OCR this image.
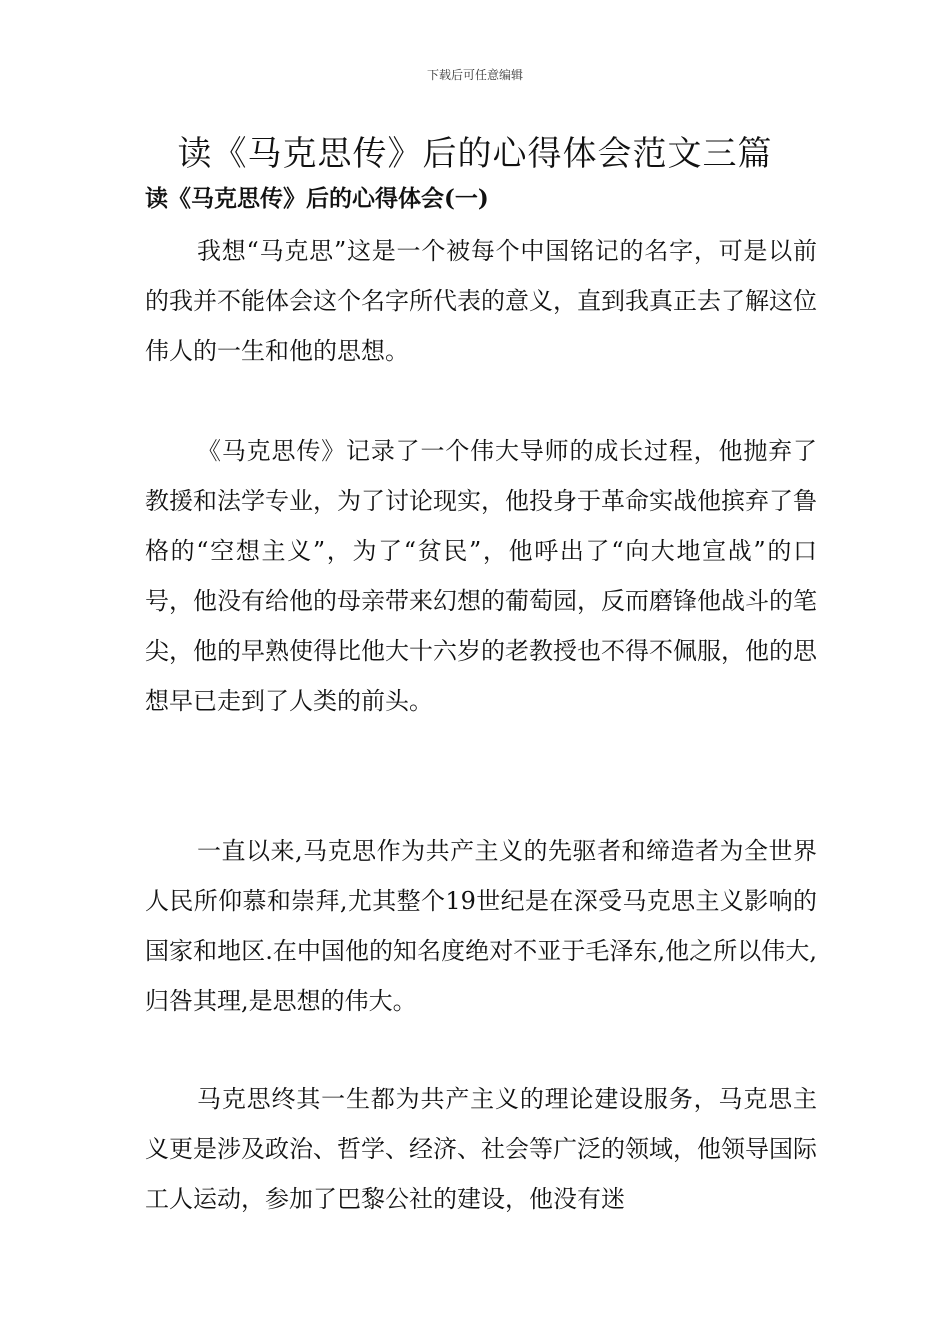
下载后可任意编辑
读《马克思传》后的心得体会范文三篇
读《马克思传》后的心得体会(一)

我想“马克思”这是一个被每个中国铭记的名字，可是以前的我并不能体会这个名字所代表的意义，直到我真正去了解这位伟人的一生和他的思想。

《马克思传》记录了一个伟大导师的成长过程，他抛弃了教援和法学专业，为了讨论现实，他投身于革命实战他摈弃了鲁格的“空想主义”，为了“贫民”，他呼出了“向大地宣战”的口号，他没有给他的母亲带来幻想的葡萄园，反而磨锋他战斗的笔尖，他的早熟使得比他大十六岁的老教授也不得不佩服，他的思想早已走到了人类的前头。

一直以来,马克思作为共产主义的先驱者和缔造者为全世界人民所仰慕和崇拜,尤其整个19世纪是在深受马克思主义影响的国家和地区.在中国他的知名度绝对不亚于毛泽东,他之所以伟大,归咎其理,是思想的伟大。

马克思终其一生都为共产主义的理论建设服务，马克思主义更是涉及政治、哲学、经济、社会等广泛的领域，他领导国际工人运动，参加了巴黎公社的建设，他没有迷
